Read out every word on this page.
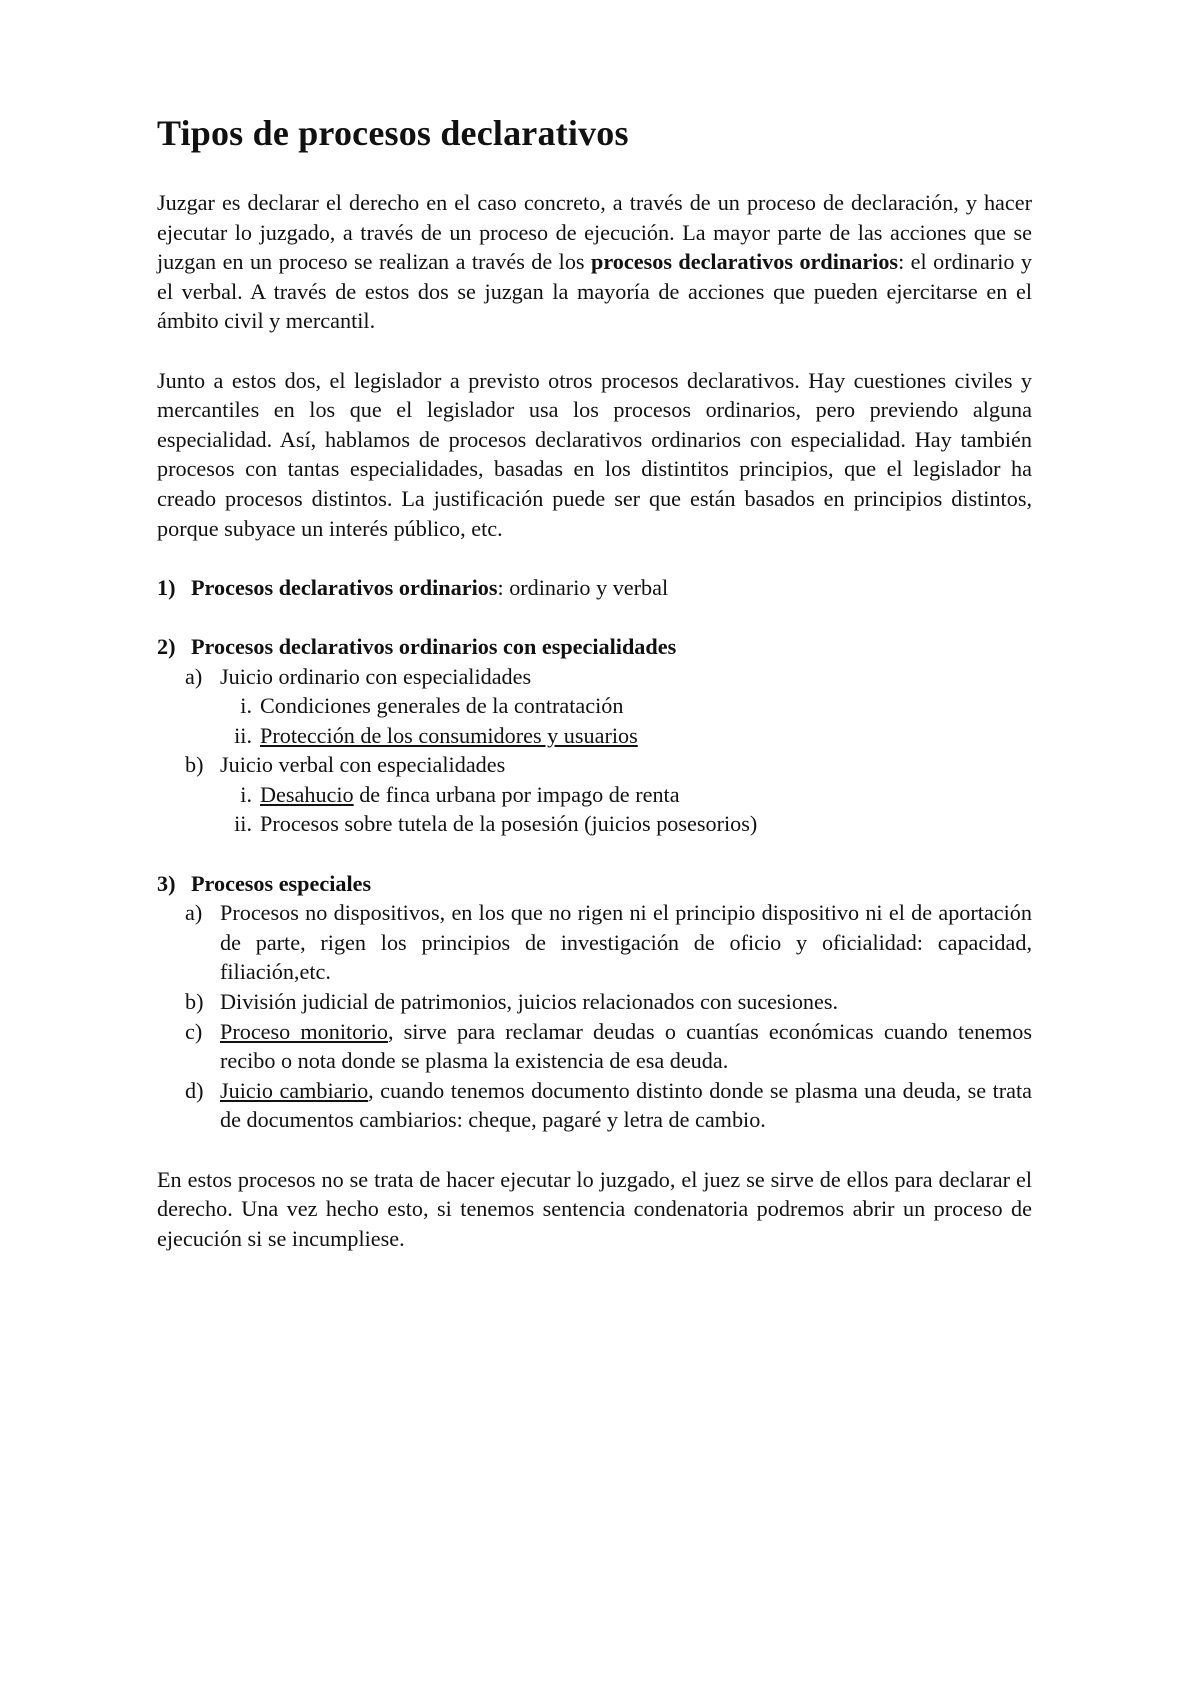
Tipos de procesos declarativos

Juzgar es declarar el derecho en el caso concreto, a través de un proceso de declaración, y hacer ejecutar lo juzgado, a través de un proceso de ejecución. La mayor parte de las acciones que se juzgan en un proceso se realizan a través de los procesos declarativos ordinarios: el ordinario y el verbal. A través de estos dos se juzgan la mayoría de acciones que pueden ejercitarse en el ámbito civil y mercantil.

Junto a estos dos, el legislador a previsto otros procesos declarativos. Hay cuestiones civiles y mercantiles en los que el legislador usa los procesos ordinarios, pero previendo alguna especialidad. Así, hablamos de procesos declarativos ordinarios con especialidad. Hay también procesos con tantas especialidades, basadas en los distintitos principios, que el legislador ha creado procesos distintos. La justificación puede ser que están basados en principios distintos, porque subyace un interés público, etc.

1) Procesos declarativos ordinarios: ordinario y verbal
2) Procesos declarativos ordinarios con especialidades
a) Juicio ordinario con especialidades
i. Condiciones generales de la contratación
ii. Protección de los consumidores y usuarios
b) Juicio verbal con especialidades
i. Desahucio de finca urbana por impago de renta
ii. Procesos sobre tutela de la posesión (juicios posesorios)
3) Procesos especiales
a) Procesos no dispositivos, en los que no rigen ni el principio dispositivo ni el de aportación de parte, rigen los principios de investigación de oficio y oficialidad: capacidad, filiación,etc.
b) División judicial de patrimonios, juicios relacionados con sucesiones.
c) Proceso monitorio, sirve para reclamar deudas o cuantías económicas cuando tenemos recibo o nota donde se plasma la existencia de esa deuda.
d) Juicio cambiario, cuando tenemos documento distinto donde se plasma una deuda, se trata de documentos cambiarios: cheque, pagaré y letra de cambio.

En estos procesos no se trata de hacer ejecutar lo juzgado, el juez se sirve de ellos para declarar el derecho. Una vez hecho esto, si tenemos sentencia condenatoria podremos abrir un proceso de ejecución si se incumpliese.
